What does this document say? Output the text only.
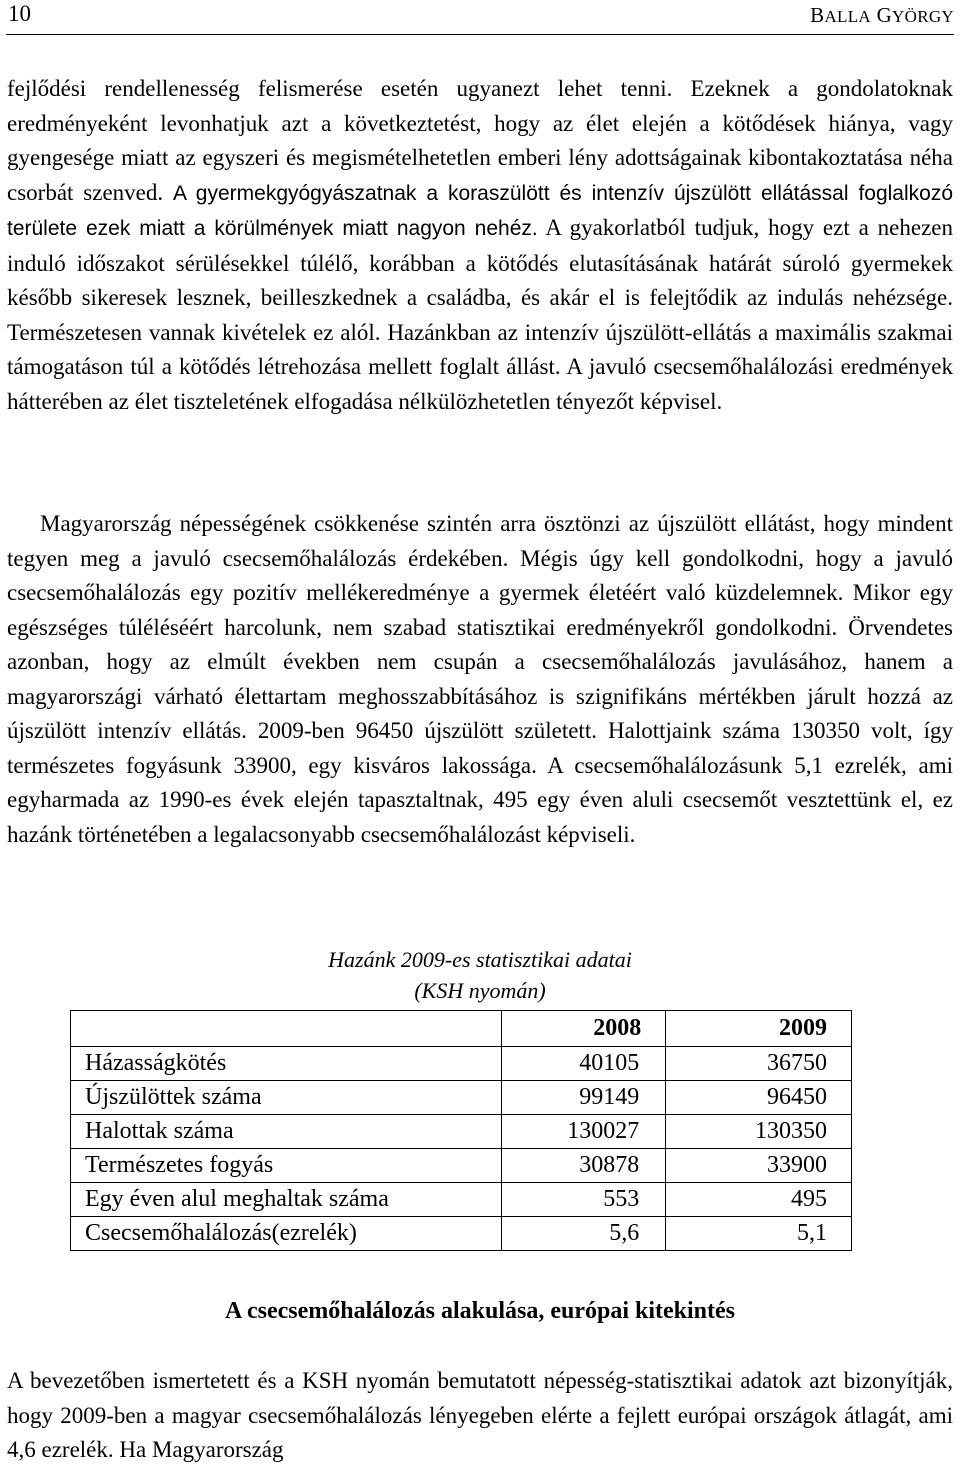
10	BALLA GYÖRGY
fejlődési rendellenesség felismerése esetén ugyanezt lehet tenni. Ezeknek a gondolatoknak eredményeként levonhatjuk azt a következtetést, hogy az élet elején a kötődések hiánya, vagy gyengesége miatt az egyszeri és megismételhetetlen emberi lény adottságainak kibontakoztatása néha csorbát szenved. A gyermekgyógyászatnak a koraszülött és intenzív újszülött ellátással foglalkozó területe ezek miatt a körülmények miatt nagyon nehéz. A gyakorlatból tudjuk, hogy ezt a nehezen induló időszakot sérülésekkel túlélő, korábban a kötődés elutasításának határát súroló gyermekek később sikeresek lesznek, beilleszkednek a családba, és akár el is felejtődik az indulás nehézsége. Természetesen vannak kivételek ez alól. Hazánkban az intenzív újszülött-ellátás a maximális szakmai támogatáson túl a kötődés létrehozása mellett foglalt állást. A javuló csecsemőhalálozási eredmények hátterében az élet tiszteletének elfogadása nélkülözhetetlen tényezőt képvisel.
Magyarország népességének csökkenése szintén arra ösztönzi az újszülött ellátást, hogy mindent tegyen meg a javuló csecsemőhalálozás érdekében. Mégis úgy kell gondolkodni, hogy a javuló csecsemőhalálozás egy pozitív mellékeredménye a gyermek életéért való küzdelemnek. Mikor egy egészséges túléléséért harcolunk, nem szabad statisztikai eredményekről gondolkodni. Örvendetes azonban, hogy az elmúlt években nem csupán a csecsemőhalálozás javulásához, hanem a magyarországi várható élettartam meghosszabbításához is szignifikáns mértékben járult hozzá az újszülött intenzív ellátás. 2009-ben 96450 újszülött született. Halottjaink száma 130350 volt, így természetes fogyásunk 33900, egy kisváros lakossága. A csecsemőhalálozásunk 5,1 ezrelék, ami egyharmada az 1990-es évek elején tapasztaltnak, 495 egy éven aluli csecsemőt vesztettünk el, ez hazánk történetében a legalacsonyabb csecsemőhalálozást képviseli.
Hazánk 2009-es statisztikai adatai
(KSH nyomán)
	2008	2009
Házasságkötés	40105	36750
Újszülöttek száma	99149	96450
Halottak száma	130027	130350
Természetes fogyás	30878	33900
Egy éven alul meghaltak száma	553	495
Csecsemőhalálozás(ezrelék)	5,6	5,1
A csecsemőhalálozás alakulása, európai kitekintés
A bevezetőben ismertetett és a KSH nyomán bemutatott népesség-statisztikai adatok azt bizonyítják, hogy 2009-ben a magyar csecsemőhalálozás lényegeben elérte a fejlett európai országok átlagát, ami 4,6 ezrelék. Ha Magyarország
